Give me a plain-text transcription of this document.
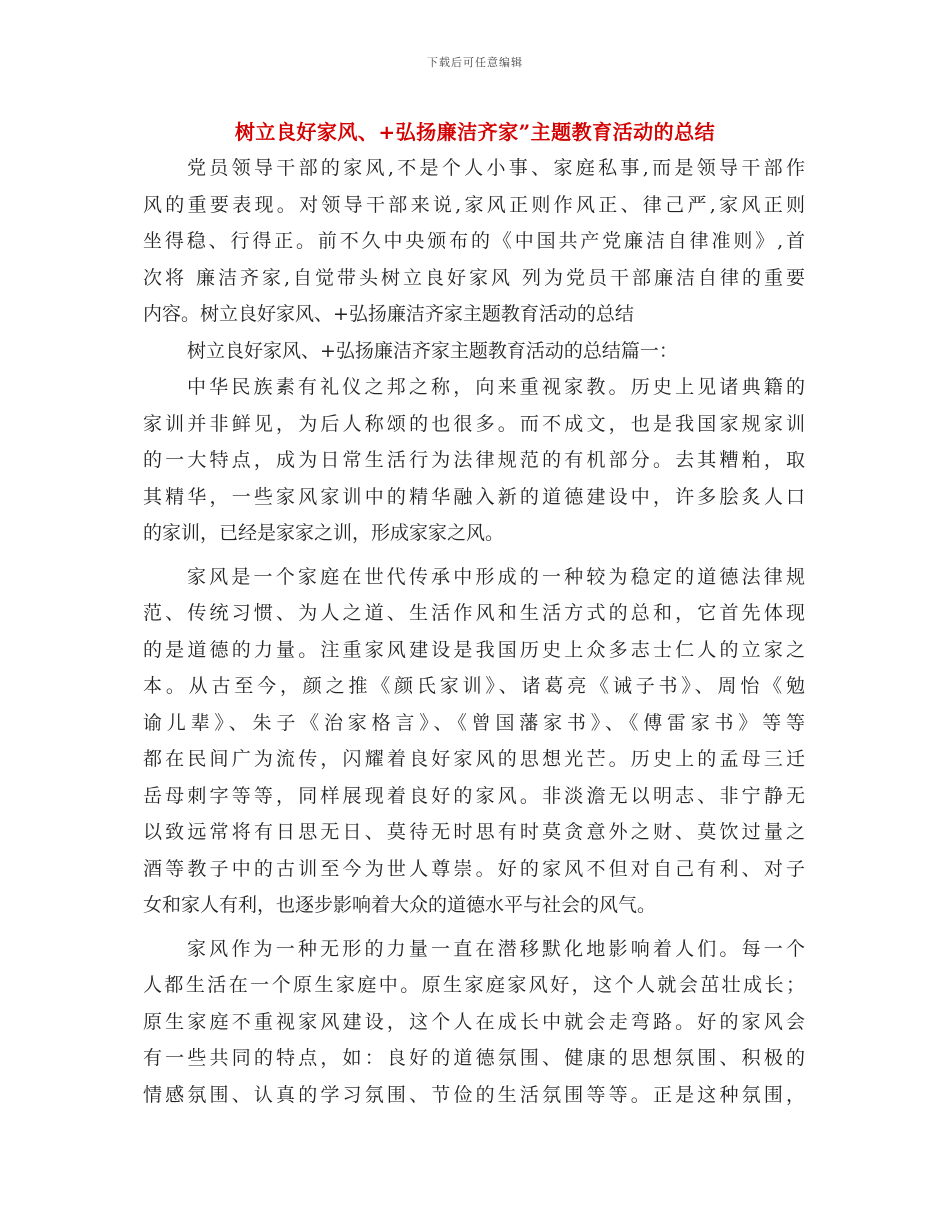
下载后可任意编辑
树立良好家风、+弘扬廉洁齐家”主题教育活动的总结
党员领导干部的家风,不是个人小事、家庭私事,而是领导干部作
风的重要表现。对领导干部来说,家风正则作风正、律己严,家风正则
坐得稳、行得正。前不久中央颁布的《中国共产党廉洁自律准则》,首
次将 廉洁齐家,自觉带头树立良好家风 列为党员干部廉洁自律的重要
内容。树立良好家风、+弘扬廉洁齐家主题教育活动的总结
树立良好家风、+弘扬廉洁齐家主题教育活动的总结篇一：
中华民族素有礼仪之邦之称，向来重视家教。历史上见诸典籍的
家训并非鲜见，为后人称颂的也很多。而不成文，也是我国家规家训
的一大特点，成为日常生活行为法律规范的有机部分。去其糟粕，取
其精华，一些家风家训中的精华融入新的道德建设中，许多脍炙人口
的家训，已经是家家之训，形成家家之风。
家风是一个家庭在世代传承中形成的一种较为稳定的道德法律规
范、传统习惯、为人之道、生活作风和生活方式的总和，它首先体现
的是道德的力量。注重家风建设是我国历史上众多志士仁人的立家之
本。从古至今，颜之推《颜氏家训》、诸葛亮《诫子书》、周怡《勉
谕儿辈》、朱子《治家格言》、《曾国藩家书》、《傅雷家书》等等
都在民间广为流传，闪耀着良好家风的思想光芒。历史上的孟母三迁
岳母刺字等等，同样展现着良好的家风。非淡澹无以明志、非宁静无
以致远常将有日思无日、莫待无时思有时莫贪意外之财、莫饮过量之
酒等教子中的古训至今为世人尊崇。好的家风不但对自己有利、对子
女和家人有利，也逐步影响着大众的道德水平与社会的风气。
家风作为一种无形的力量一直在潜移默化地影响着人们。每一个
人都生活在一个原生家庭中。原生家庭家风好，这个人就会茁壮成长；
原生家庭不重视家风建设，这个人在成长中就会走弯路。好的家风会
有一些共同的特点，如：良好的道德氛围、健康的思想氛围、积极的
情感氛围、认真的学习氛围、节俭的生活氛围等等。正是这种氛围，
